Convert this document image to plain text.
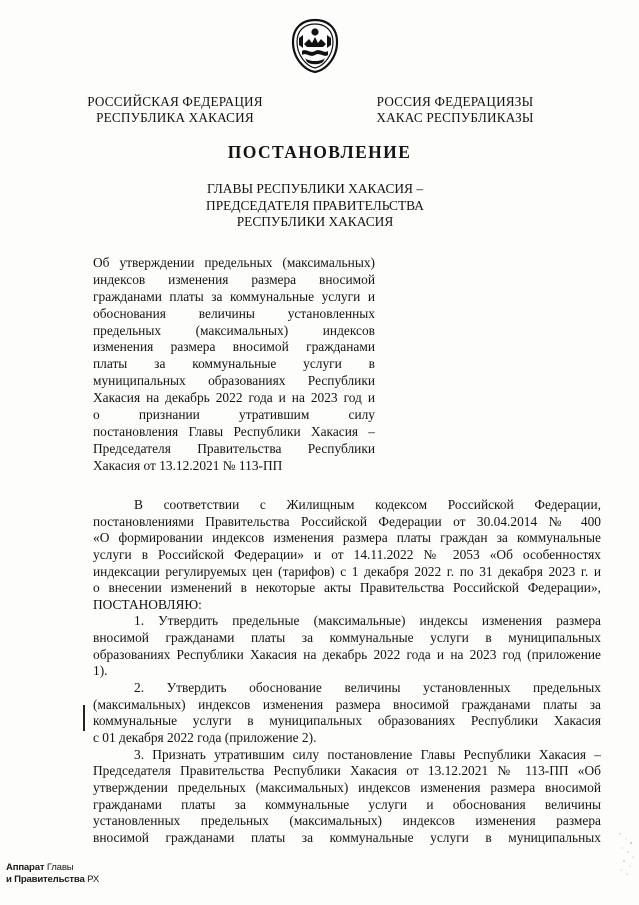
РОССИЙСКАЯ ФЕДЕРАЦИЯ
РЕСПУБЛИКА ХАКАСИЯ
РОССИЯ ФЕДЕРАЦИЯЗЫ
ХАКАС РЕСПУБЛИКАЗЫ
ПОСТАНОВЛЕНИЕ
ГЛАВЫ РЕСПУБЛИКИ ХАКАСИЯ –
ПРЕДСЕДАТЕЛЯ ПРАВИТЕЛЬСТВА
РЕСПУБЛИКИ ХАКАСИЯ
Об утверждении предельных (максимальных)
индексов изменения размера вносимой
гражданами платы за коммунальные услуги и
обоснования величины установленных
предельных (максимальных) индексов
изменения размера вносимой гражданами
платы за коммунальные услуги в
муниципальных образованиях Республики
Хакасия на декабрь 2022 года и на 2023 год и
о признании утратившим силу
постановления Главы Республики Хакасия –
Председателя Правительства Республики
Хакасия от 13.12.2021 № 113-ПП
В соответствии с Жилищным кодексом Российской Федерации,
постановлениями Правительства Российской Федерации от 30.04.2014 № 400
«О формировании индексов изменения размера платы граждан за коммунальные
услуги в Российской Федерации» и от 14.11.2022 № 2053 «Об особенностях
индексации регулируемых цен (тарифов) с 1 декабря 2022 г. по 31 декабря 2023 г. и
о внесении изменений в некоторые акты Правительства Российской Федерации»,
ПОСТАНОВЛЯЮ:
1. Утвердить предельные (максимальные) индексы изменения размера
вносимой гражданами платы за коммунальные услуги в муниципальных
образованиях Республики Хакасия на декабрь 2022 года и на 2023 год (приложение
1).
2. Утвердить обоснование величины установленных предельных
(максимальных) индексов изменения размера вносимой гражданами платы за
коммунальные услуги в муниципальных образованиях Республики Хакасия
с 01 декабря 2022 года (приложение 2).
3. Признать утратившим силу постановление Главы Республики Хакасия –
Председателя Правительства Республики Хакасия от 13.12.2021 № 113-ПП «Об
утверждении предельных (максимальных) индексов изменения размера вносимой
гражданами платы за коммунальные услуги и обоснования величины
установленных предельных (максимальных) индексов изменения размера
вносимой гражданами платы за коммунальные услуги в муниципальных
Аппарат Главы
и Правительства РХ
